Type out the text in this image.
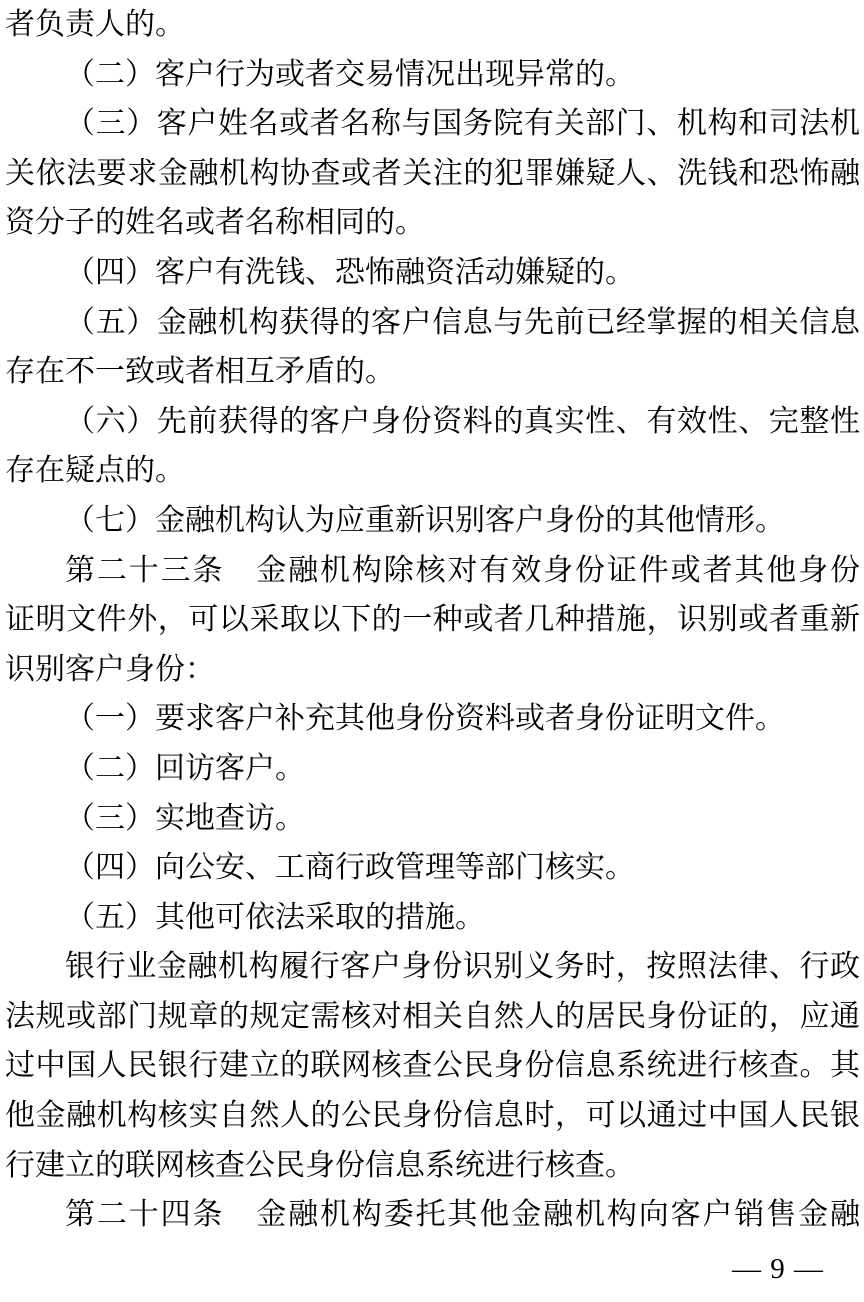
者负责人的。
（二）客户行为或者交易情况出现异常的。
（三）客户姓名或者名称与国务院有关部门、机构和司法机
关依法要求金融机构协查或者关注的犯罪嫌疑人、洗钱和恐怖融
资分子的姓名或者名称相同的。
（四）客户有洗钱、恐怖融资活动嫌疑的。
（五）金融机构获得的客户信息与先前已经掌握的相关信息
存在不一致或者相互矛盾的。
（六）先前获得的客户身份资料的真实性、有效性、完整性
存在疑点的。
（七）金融机构认为应重新识别客户身份的其他情形。
第二十三条　金融机构除核对有效身份证件或者其他身份
证明文件外，可以采取以下的一种或者几种措施，识别或者重新
识别客户身份：
（一）要求客户补充其他身份资料或者身份证明文件。
（二）回访客户。
（三）实地查访。
（四）向公安、工商行政管理等部门核实。
（五）其他可依法采取的措施。
银行业金融机构履行客户身份识别义务时，按照法律、行政
法规或部门规章的规定需核对相关自然人的居民身份证的，应通
过中国人民银行建立的联网核查公民身份信息系统进行核查。其
他金融机构核实自然人的公民身份信息时，可以通过中国人民银
行建立的联网核查公民身份信息系统进行核查。
第二十四条　金融机构委托其他金融机构向客户销售金融
— 9 —
